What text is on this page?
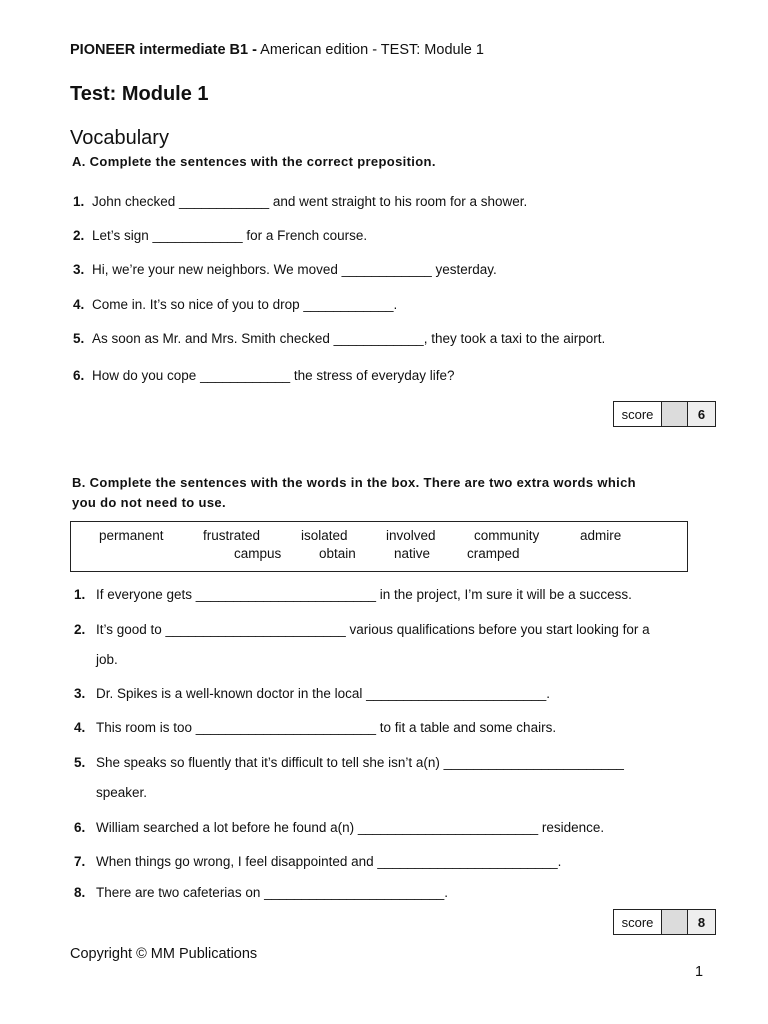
PIONEER intermediate B1 - American edition - TEST: Module 1
Test: Module 1
Vocabulary
A. Complete the sentences with the correct preposition.
1. John checked ____________ and went straight to his room for a shower.
2. Let’s sign ____________ for a French course.
3. Hi, we’re your new neighbors. We moved ____________ yesterday.
4. Come in. It’s so nice of you to drop ____________.
5. As soon as Mr. and Mrs. Smith checked ____________, they took a taxi to the airport.
6. How do you cope ____________ the stress of everyday life?
score	6
B. Complete the sentences with the words in the box. There are two extra words which
you do not need to use.
permanent	frustrated	isolated	involved	community	admire
campus	obtain	native	cramped
1. If everyone gets ________________________ in the project, I’m sure it will be a success.
2. It’s good to ________________________ various qualifications before you start looking for a
job.
3. Dr. Spikes is a well-known doctor in the local ________________________.
4. This room is too ________________________ to fit a table and some chairs.
5. She speaks so fluently that it’s difficult to tell she isn’t a(n) ________________________
speaker.
6. William searched a lot before he found a(n) ________________________ residence.
7. When things go wrong, I feel disappointed and ________________________.
8. There are two cafeterias on ________________________.
score	8
Copyright © MM Publications
1
